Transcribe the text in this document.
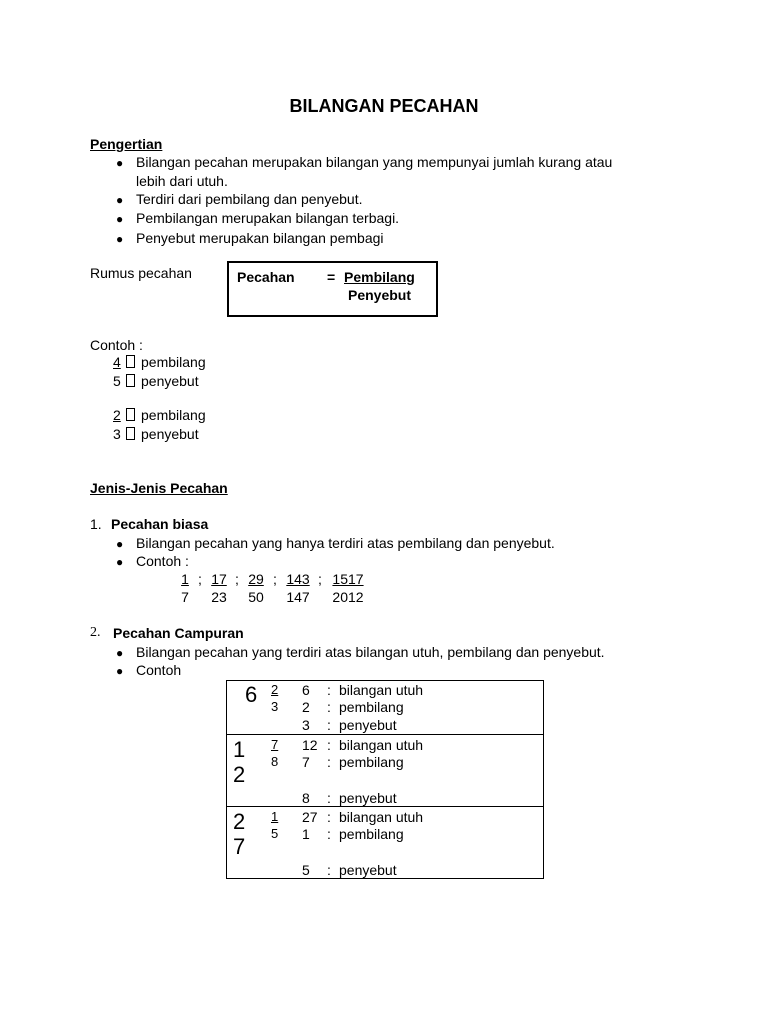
BILANGAN PECAHAN
Pengertian
● Bilangan pecahan merupakan bilangan yang mempunyai jumlah kurang atau
lebih dari utuh.
● Terdiri dari pembilang dan penyebut.
● Pembilangan merupakan bilangan terbagi.
● Penyebut merupakan bilangan pembagi
Rumus pecahan	Pecahan = Pembilang
Penyebut
Contoh :
4 pembilang
5 penyebut
2 pembilang
3 penyebut
Jenis-Jenis Pecahan
1. Pecahan biasa
● Bilangan pecahan yang hanya terdiri atas pembilang dan penyebut.
● Contoh :
$\frac{1}{7}$ ; $\frac{17}{23}$ ; $\frac{29}{50}$ ; $\frac{143}{147}$ ; $\frac{1517}{2012}$
2. Pecahan Campuran
● Bilangan pecahan yang terdiri atas bilangan utuh, pembilang dan penyebut.
● Contoh
6 2
3
6 : bilangan utuh
2 : pembilang
3 : penyebut
1
2
7
8
12 : bilangan utuh
7 : pembilang
8 : penyebut
2
7
1
5
27 : bilangan utuh
1 : pembilang
5 : penyebut
